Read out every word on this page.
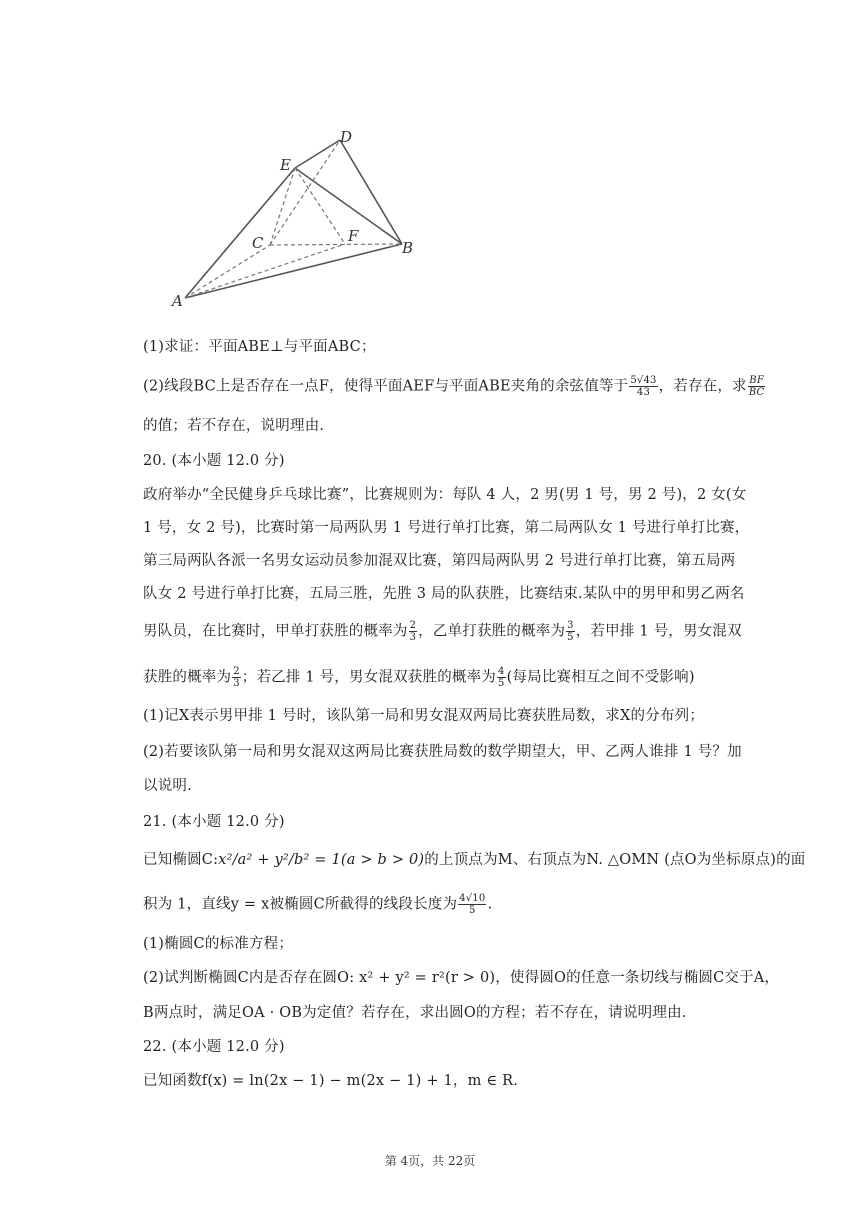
A
B
C
D
E
F
(1)求证：平面ABE⊥与平面ABC；
(2)线段BC上是否存在一点F，使得平面AEF与平面ABE夹角的余弦值等于 $\frac{5√43}{43}$ ，若存在，求 $\frac{BF}{BC}$
的值；若不存在，说明理由.
20. (本小题 12.0 分)
政府举办“全民健身乒乓球比赛”，比赛规则为：每队 4 人，2 男(男 1 号，男 2 号)，2 女(女
1 号，女 2 号)，比赛时第一局两队男 1 号进行单打比赛，第二局两队女 1 号进行单打比赛，
第三局两队各派一名男女运动员参加混双比赛，第四局两队男 2 号进行单打比赛，第五局两
队女 2 号进行单打比赛，五局三胜，先胜 3 局的队获胜，比赛结束.某队中的男甲和男乙两名
男队员，在比赛时，甲单打获胜的概率为 $\frac{2}{3}$ ，乙单打获胜的概率为 $\frac{3}{5}$ ，若甲排 1 号，男女混双
获胜的概率为 $\frac{2}{3}$ ；若乙排 1 号，男女混双获胜的概率为 $\frac{4}{5}$ (每局比赛相互之间不受影响)
(1)记X表示男甲排 1 号时，该队第一局和男女混双两局比赛获胜局数，求X的分布列；
(2)若要该队第一局和男女混双这两局比赛获胜局数的数学期望大，甲、乙两人谁排 1 号？加
以说明.
21. (本小题 12.0 分)
已知椭圆C:x²/a² + y²/b² = 1(a > b > 0)的上顶点为M、右顶点为N. △OMN (点O为坐标原点)的面
积为 1，直线y = x被椭圆C所截得的线段长度为 $\frac{4√10}{5}$ .
(1)椭圆C的标准方程；
(2)试判断椭圆C内是否存在圆O: x² + y² = r²(r > 0)，使得圆O的任意一条切线与椭圆C交于A，
B两点时，满足OA · OB为定值？若存在，求出圆O的方程；若不存在，请说明理由.
22. (本小题 12.0 分)
已知函数f(x) = ln(2x − 1) − m(2x − 1) + 1，m ∈ R.
第 4页，共 22页
